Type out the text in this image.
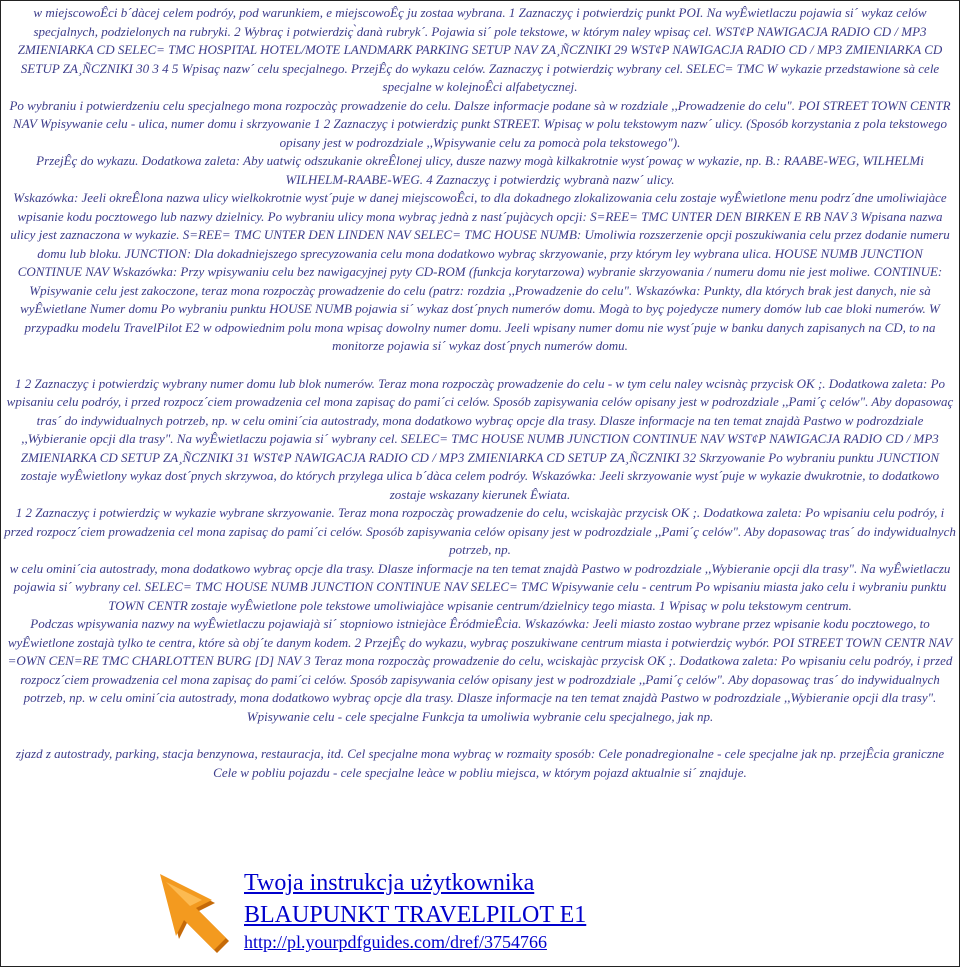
w miejscowoÊci b´dàcej celem podróy, pod warunkiem, e miejscowoÊç ju zostaa wybrana. 1 Zaznaczyç i potwierdziç punkt POI. Na wyÊwietlaczu pojawia si´ wykaz celów specjalnych, podzielonych na rubryki. 2 Wybraç i potwierdziç ̀danà rubryk´. Pojawia si´ pole tekstowe, w którym naley wpisaç cel. WST¢P NAWIGACJA RADIO CD / MP3 ZMIENIARKA CD SELEC= TMC HOSPITAL HOTEL/MOTE LANDMARK PARKING SETUP NAV ZA¸ÑCZNIKI 29 WST¢P NAWIGACJA RADIO CD / MP3 ZMIENIARKA CD SETUP ZA¸ÑCZNIKI 30 3 4 5 Wpisaç nazw´ celu specjalnego. PrzejÊç do wykazu celów. Zaznaczyç i potwierdziç wybrany cel. SELEC= TMC W wykazie przedstawione sà cele specjalne w kolejnoÊci alfabetycznej.

Po wybraniu i potwierdzeniu celu specjalnego mona rozpoczàç prowadzenie do celu. Dalsze informacje podane sà w rozdziale ,,Prowadzenie do celu". POI STREET TOWN CENTR NAV Wpisywanie celu - ulica, numer domu i skrzyowanie 1 2 Zaznaczyç i potwierdziç punkt STREET. Wpisaç w polu tekstowym nazw´ ulicy. (Sposób korzystania z pola tekstowego opisany jest w podrozdziale ,,Wpisywanie celu za pomocà pola tekstowego").

PrzejÊç do wykazu. Dodatkowa zaleta: Aby uatwiç odszukanie okreÊlonej ulicy, dusze nazwy mogà kilkakrotnie wyst´powaç w wykazie, np. B.: RAABE-WEG, WILHELMi WILHELM-RAABE-WEG. 4 Zaznaczyç i potwierdziç wybranà nazw´ ulicy.

Wskazówka: Jeeli okreÊlona nazwa ulicy wielkokrotnie wyst´puje w danej miejscowoÊci, to dla dokadnego zlokalizowania celu zostaje wyÊwietlone menu podrz´dne umoliwiajàce wpisanie kodu pocztowego lub nazwy dzielnicy. Po wybraniu ulicy mona wybraç jednà z nast´pujàcych opcji: S=REE= TMC UNTER DEN BIRKEN E RB NAV 3 Wpisana nazwa ulicy jest zaznaczona w wykazie. S=REE= TMC UNTER DEN LINDEN NAV SELEC= TMC HOUSE NUMB: Umoliwia rozszerzenie opcji poszukiwania celu przez dodanie numeru domu lub bloku. JUNCTION: Dla dokadniejszego sprecyzowania celu mona dodatkowo wybraç skrzyowanie, przy którym ley wybrana ulica. HOUSE NUMB JUNCTION CONTINUE NAV Wskazówka: Przy wpisywaniu celu bez nawigacyjnej pyty CD-ROM (funkcja korytarzowa) wybranie skrzyowania / numeru domu nie jest moliwe. CONTINUE: Wpisywanie celu jest zakoczone, teraz mona rozpoczàç prowadzenie do celu (patrz: rozdzia ,,Prowadzenie do celu". Wskazówka: Punkty, dla których brak jest danych, nie sà wyÊwietlane Numer domu Po wybraniu punktu HOUSE NUMB pojawia si´ wykaz dost´pnych numerów domu. Mogà to byç pojedycze numery domów lub cae bloki numerów. W przypadku modelu TravelPilot E2 w odpowiednim polu mona wpisaç dowolny numer domu. Jeeli wpisany numer domu nie wyst´puje w banku danych zapisanych na CD, to na monitorze pojawia si´ wykaz dost´pnych numerów domu.

1 2 Zaznaczyç i potwierdziç wybrany numer domu lub blok numerów. Teraz mona rozpoczàç prowadzenie do celu - w tym celu naley wcisnàç przycisk OK ;. Dodatkowa zaleta: Po wpisaniu celu podróy, i przed rozpocz´ciem prowadzenia cel mona zapisaç do pami´ci celów. Sposób zapisywania celów opisany jest w podrozdziale ,,Pami´ç celów". Aby dopasowaç tras´ do indywidualnych potrzeb, np. w celu omini´cia autostrady, mona dodatkowo wybraç opcje dla trasy. Dlasze informacje na ten temat znajdà Pastwo w podrozdziale ,,Wybieranie opcji dla trasy". Na wyÊwietlaczu pojawia si´ wybrany cel. SELEC= TMC HOUSE NUMB JUNCTION CONTINUE NAV WST¢P NAWIGACJA RADIO CD / MP3 ZMIENIARKA CD SETUP ZA¸ÑCZNIKI 31 WST¢P NAWIGACJA RADIO CD / MP3 ZMIENIARKA CD SETUP ZA¸ÑCZNIKI 32 Skrzyowanie Po wybraniu punktu JUNCTION zostaje wyÊwietlony wykaz dost´pnych skrzywoa, do których przylega ulica b´dàca celem podróy. Wskazówka: Jeeli skrzyowanie wyst´puje w wykazie dwukrotnie, to dodatkowo zostaje wskazany kierunek Êwiata.

1 2 Zaznaczyç i potwierdziç w wykazie wybrane skrzyowanie. Teraz mona rozpoczàç prowadzenie do celu, wciskajàc przycisk OK ;. Dodatkowa zaleta: Po wpisaniu celu podróy, i przed rozpocz´ciem prowadzenia cel mona zapisaç do pami´ci celów. Sposób zapisywania celów opisany jest w podrozdziale ,,Pami´ç celów". Aby dopasowaç tras´ do indywidualnych potrzeb, np.

w celu omini´cia autostrady, mona dodatkowo wybraç opcje dla trasy. Dlasze informacje na ten temat znajdà Pastwo w podrozdziale ,,Wybieranie opcji dla trasy". Na wyÊwietlaczu pojawia si´ wybrany cel. SELEC= TMC HOUSE NUMB JUNCTION CONTINUE NAV SELEC= TMC Wpisywanie celu - centrum Po wpisaniu miasta jako celu i wybraniu punktu TOWN CENTR zostaje wyÊwietlone pole tekstowe umoliwiajàce wpisanie centrum/dzielnicy tego miasta. 1 Wpisaç w polu tekstowym centrum.

Podczas wpisywania nazwy na wyÊwietlaczu pojawiajà si´ stopniowo istniejàce ÊródmieÊcia. Wskazówka: Jeeli miasto zostao wybrane przez wpisanie kodu pocztowego, to wyÊwietlone zostajà tylko te centra, które sà obj´te danym kodem. 2 PrzejÊç do wykazu, wybraç poszukiwane centrum miasta i potwierdziç wybór. POI STREET TOWN CENTR NAV =OWN CEN=RE TMC CHARLOTTEN BURG [D] NAV 3 Teraz mona rozpoczàç prowadzenie do celu, wciskajàc przycisk OK ;. Dodatkowa zaleta: Po wpisaniu celu podróy, i przed rozpocz´ciem prowadzenia cel mona zapisaç do pami´ci celów. Sposób zapisywania celów opisany jest w podrozdziale ,,Pami´ç celów". Aby dopasowaç tras´ do indywidualnych potrzeb, np. w celu omini´cia autostrady, mona dodatkowo wybraç opcje dla trasy. Dlasze informacje na ten temat znajdà Pastwo w podrozdziale ,,Wybieranie opcji dla trasy". Wpisywanie celu - cele specjalne Funkcja ta umoliwia wybranie celu specjalnego, jak np.

zjazd z autostrady, parking, stacja benzynowa, restauracja, itd. Cel specjalne mona wybraç w rozmaity sposób: Cele ponadregionalne - cele specjalne jak np. przejÊcia graniczne Cele w pobliu pojazdu - cele specjalne leàce w pobliu miejsca, w którym pojazd aktualnie si´ znajduje.

Twoja instrukcja użytkownika
BLAUPUNKT TRAVELPILOT E1
http://pl.yourpdfguides.com/dref/3754766
